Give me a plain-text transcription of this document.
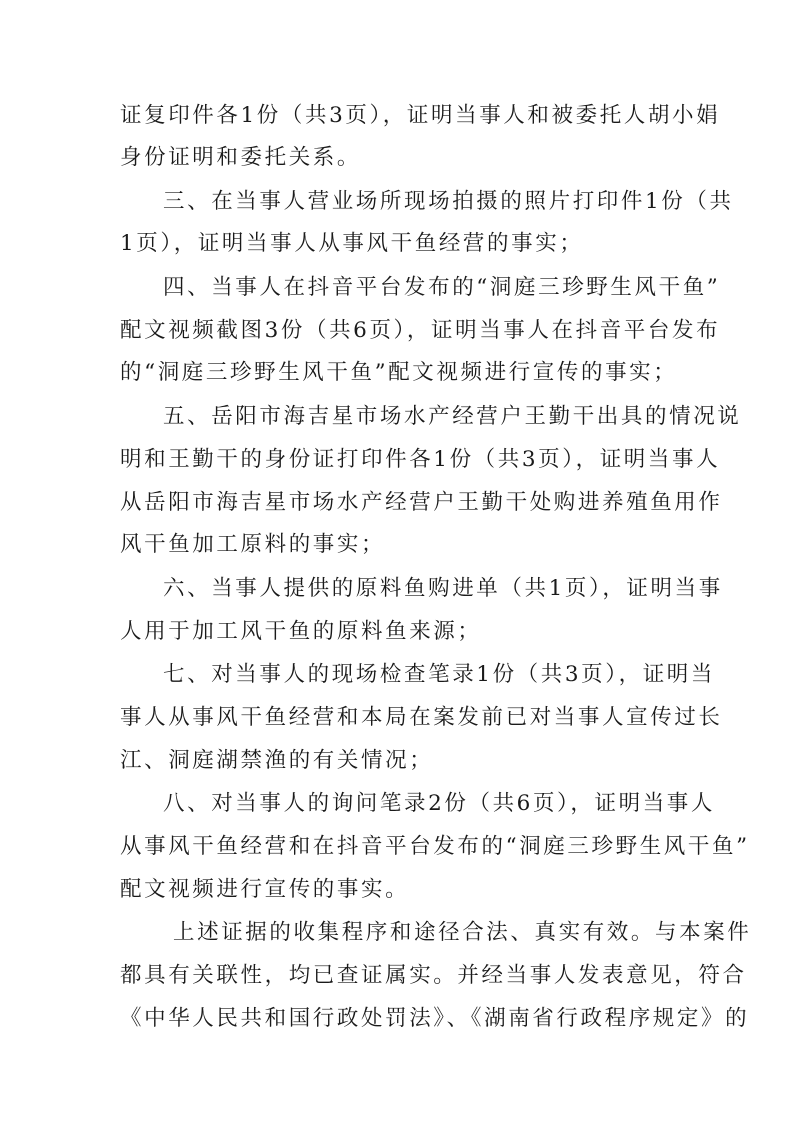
证复印件各1份（共3页），证明当事人和被委托人胡小娟
身份证明和委托关系。
三、在当事人营业场所现场拍摄的照片打印件1份（共
1页），证明当事人从事风干鱼经营的事实；
四、当事人在抖音平台发布的“洞庭三珍野生风干鱼”
配文视频截图3份（共6页），证明当事人在抖音平台发布
的“洞庭三珍野生风干鱼”配文视频进行宣传的事实；
五、岳阳市海吉星市场水产经营户王勤干出具的情况说
明和王勤干的身份证打印件各1份（共3页），证明当事人
从岳阳市海吉星市场水产经营户王勤干处购进养殖鱼用作
风干鱼加工原料的事实；
六、当事人提供的原料鱼购进单（共1页），证明当事
人用于加工风干鱼的原料鱼来源；
七、对当事人的现场检查笔录1份（共3页），证明当
事人从事风干鱼经营和本局在案发前已对当事人宣传过长
江、洞庭湖禁渔的有关情况；
八、对当事人的询问笔录2份（共6页），证明当事人
从事风干鱼经营和在抖音平台发布的“洞庭三珍野生风干鱼”
配文视频进行宣传的事实。
上述证据的收集程序和途径合法、真实有效。与本案件
都具有关联性，均已查证属实。并经当事人发表意见，符合
《中华人民共和国行政处罚法》、《湖南省行政程序规定》的
